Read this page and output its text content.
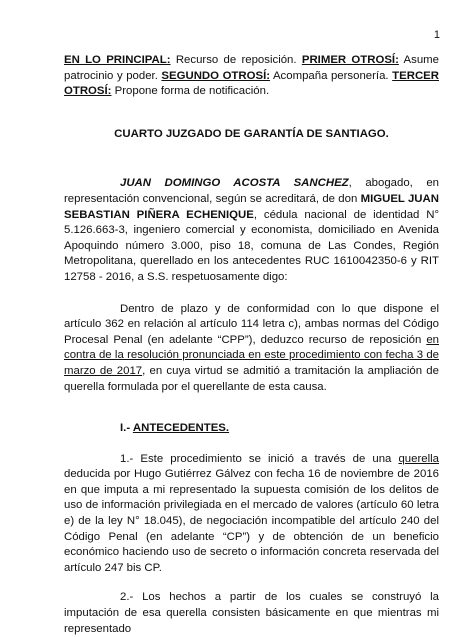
1

EN LO PRINCIPAL: Recurso de reposición. PRIMER OTROSÍ: Asume patrocinio y poder. SEGUNDO OTROSÍ: Acompaña personería. TERCER OTROSÍ: Propone forma de notificación.

CUARTO JUZGADO DE GARANTÍA DE SANTIAGO.

JUAN DOMINGO ACOSTA SANCHEZ, abogado, en representación convencional, según se acreditará, de don MIGUEL JUAN SEBASTIAN PIÑERA ECHENIQUE, cédula nacional de identidad N° 5.126.663-3, ingeniero comercial y economista, domiciliado en Avenida Apoquindo número 3.000, piso 18, comuna de Las Condes, Región Metropolitana, querellado en los antecedentes RUC 1610042350-6 y RIT 12758 - 2016, a S.S. respetuosamente digo:

Dentro de plazo y de conformidad con lo que dispone el artículo 362 en relación al artículo 114 letra c), ambas normas del Código Procesal Penal (en adelante “CPP”), deduzco recurso de reposición en contra de la resolución pronunciada en este procedimiento con fecha 3 de marzo de 2017, en cuya virtud se admitió a tramitación la ampliación de querella formulada por el querellante de esta causa.

I.- ANTECEDENTES.

1.- Este procedimiento se inició a través de una querella deducida por Hugo Gutiérrez Gálvez con fecha 16 de noviembre de 2016 en que imputa a mi representado la supuesta comisión de los delitos de uso de información privilegiada en el mercado de valores (artículo 60 letra e) de la ley N° 18.045), de negociación incompatible del artículo 240 del Código Penal (en adelante “CP”) y de obtención de un beneficio económico haciendo uso de secreto o información concreta reservada del artículo 247 bis CP.

2.- Los hechos a partir de los cuales se construyó la imputación de esa querella consisten básicamente en que mientras mi representado
